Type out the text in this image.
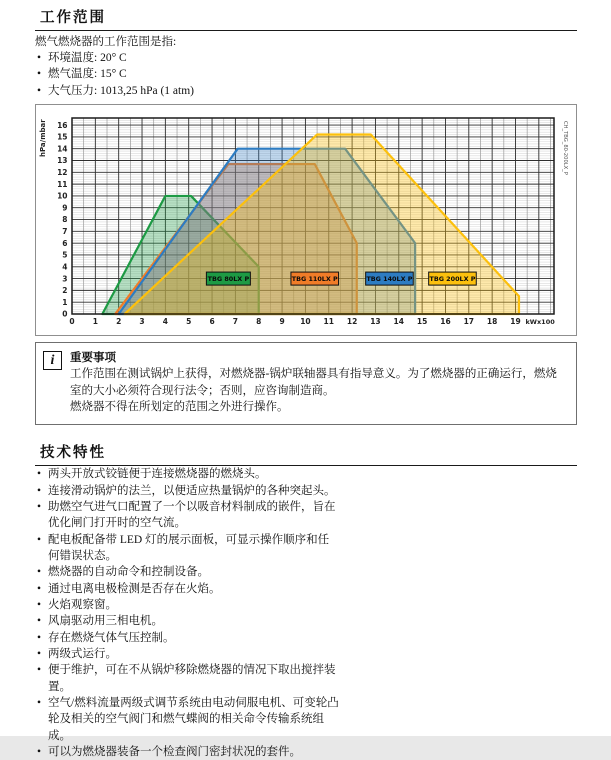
工作范围

燃气燃烧器的工作范围是指:

• 环境温度: 20° C
• 燃气温度: 15° C
• 大气压力: 1013,25 hPa (1 atm)
TBG 80LX P	TBG 110LX P	TBG 140LX P	TBG 200LX P
0 1 2 3 4 5 6 7 8 9 10 11 12 13 14 15 16 17 18 19
0
1
2
3
4
5
6
7
8
9
10
11
12
13
14
15
16
kWx100
hPa/mbar	CH_TBG_80-200LX_P
i	重要事项
工作范围在测试锅炉上获得，对燃烧器-锅炉联轴器具有指导意义。为了燃烧器的正确运行，燃烧室的大小必须符合现行法令；否则，应咨询制造商。
燃烧器不得在所划定的范围之外进行操作。
技术特性
• 两头开放式铰链便于连接燃烧器的燃烧头。
• 连接滑动锅炉的法兰，以便适应热量锅炉的各种突起头。
• 助燃空气进气口配置了一个以吸音材料制成的嵌件，旨在优化闸门打开时的空气流。
• 配电板配备带 LED 灯的展示面板，可显示操作顺序和任何错误状态。
• 燃烧器的自动命令和控制设备。
• 通过电离电极检测是否存在火焰。
• 火焰观察窗。
• 风扇驱动用三相电机。
• 存在燃烧气体气压控制。
• 两级式运行。
• 便于维护，可在不从锅炉移除燃烧器的情况下取出搅拌装置。
• 空气/燃料流量两级式调节系统由电动伺服电机、可变轮凸轮及相关的空气阀门和燃气蝶阀的相关命令传输系统组成。
• 可以为燃烧器装备一个检查阀门密封状况的套件。
